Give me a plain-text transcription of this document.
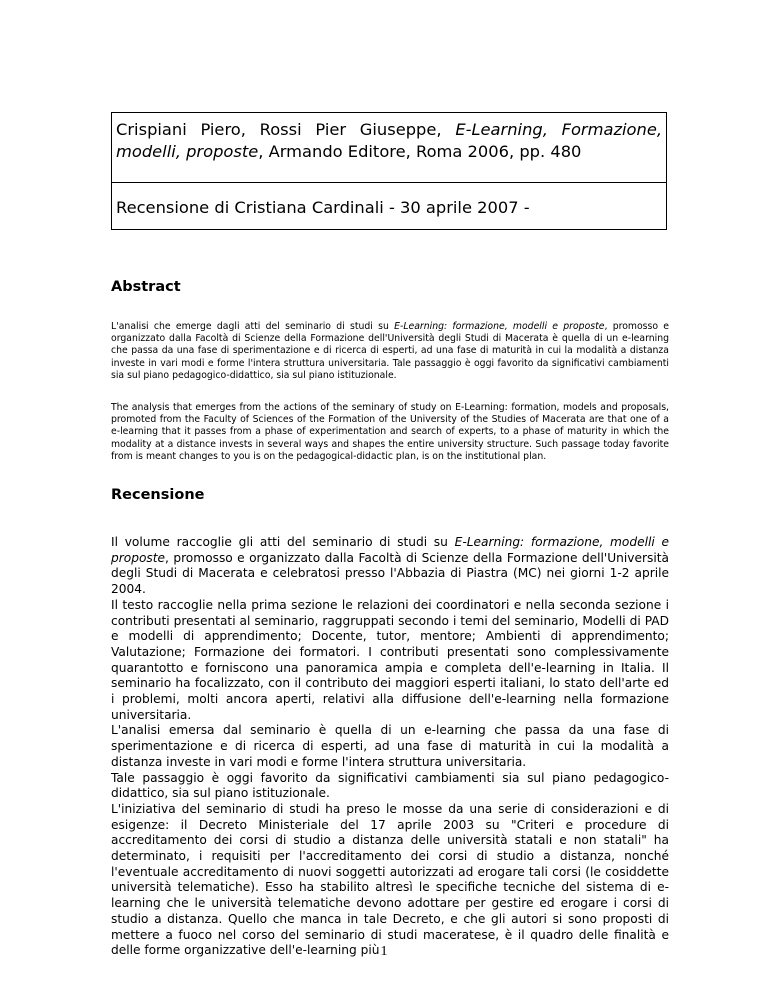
Crispiani Piero, Rossi Pier Giuseppe, E-Learning, Formazione, modelli, proposte, Armando Editore, Roma 2006, pp. 480

Recensione di Cristiana Cardinali - 30 aprile 2007 -

Abstract

L'analisi che emerge dagli atti del seminario di studi su E-Learning: formazione, modelli e proposte, promosso e organizzato dalla Facoltà di Scienze della Formazione dell'Università degli Studi di Macerata è quella di un e-learning che passa da una fase di sperimentazione e di ricerca di esperti, ad una fase di maturità in cui la modalità a distanza investe in vari modi e forme l'intera struttura universitaria. Tale passaggio è oggi favorito da significativi cambiamenti sia sul piano pedagogico-didattico, sia sul piano istituzionale.

The analysis that emerges from the actions of the seminary of study on E-Learning: formation, models and proposals, promoted from the Faculty of Sciences of the Formation of the University of the Studies of Macerata are that one of a e-learning that it passes from a phase of experimentation and search of experts, to a phase of maturity in which the modality at a distance invests in several ways and shapes the entire university structure. Such passage today favorite from is meant changes to you is on the pedagogical-didactic plan, is on the institutional plan.

Recensione

Il volume raccoglie gli atti del seminario di studi su E-Learning: formazione, modelli e proposte, promosso e organizzato dalla Facoltà di Scienze della Formazione dell'Università degli Studi di Macerata e celebratosi presso l'Abbazia di Piastra (MC) nei giorni 1-2 aprile 2004.

Il testo raccoglie nella prima sezione le relazioni dei coordinatori e nella seconda sezione i contributi presentati al seminario, raggruppati secondo i temi del seminario, Modelli di PAD e modelli di apprendimento; Docente, tutor, mentore; Ambienti di apprendimento; Valutazione; Formazione dei formatori. I contributi presentati sono complessivamente quarantotto e forniscono una panoramica ampia e completa dell'e-learning in Italia. Il seminario ha focalizzato, con il contributo dei maggiori esperti italiani, lo stato dell'arte ed i problemi, molti ancora aperti, relativi alla diffusione dell'e-learning nella formazione universitaria.

L'analisi emersa dal seminario è quella di un e-learning che passa da una fase di sperimentazione e di ricerca di esperti, ad una fase di maturità in cui la modalità a distanza investe in vari modi e forme l'intera struttura universitaria.

Tale passaggio è oggi favorito da significativi cambiamenti sia sul piano pedagogico-didattico, sia sul piano istituzionale.

L'iniziativa del seminario di studi ha preso le mosse da una serie di considerazioni e di esigenze: il Decreto Ministeriale del 17 aprile 2003 su "Criteri e procedure di accreditamento dei corsi di studio a distanza delle università statali e non statali" ha determinato, i requisiti per l'accreditamento dei corsi di studio a distanza, nonché l'eventuale accreditamento di nuovi soggetti autorizzati ad erogare tali corsi (le cosiddette università telematiche). Esso ha stabilito altresì le specifiche tecniche del sistema di e-learning che le università telematiche devono adottare per gestire ed erogare i corsi di studio a distanza. Quello che manca in tale Decreto, e che gli autori si sono proposti di mettere a fuoco nel corso del seminario di studi maceratese, è il quadro delle finalità e delle forme organizzative dell'e-learning più 1
